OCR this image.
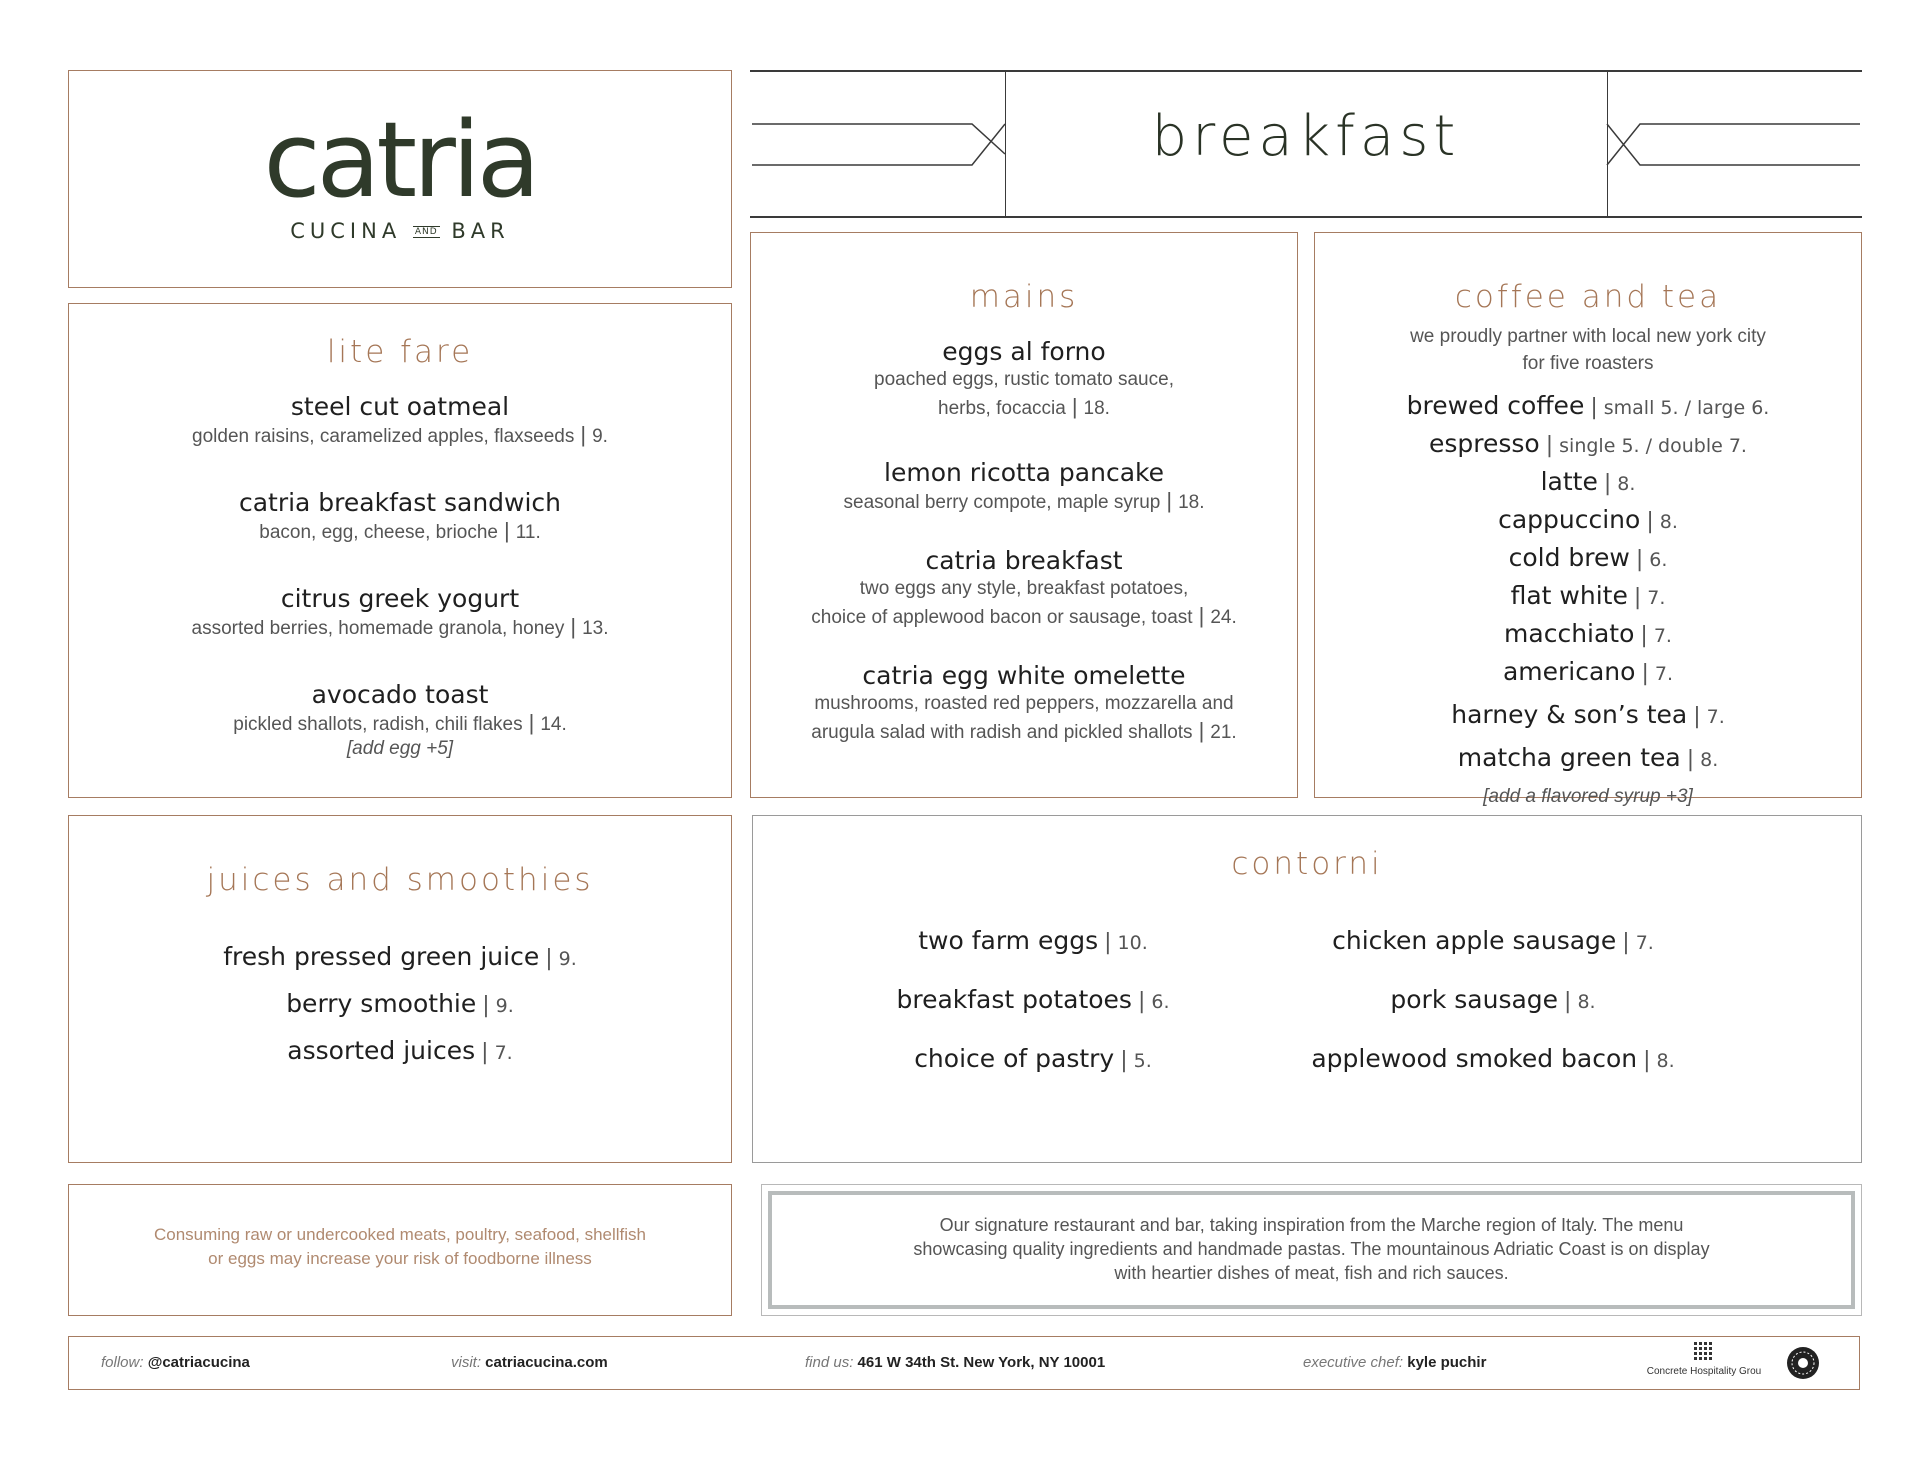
catria
CUCINA AND BAR
breakfast
lite fare
steel cut oatmeal
golden raisins, caramelized apples, flaxseeds | 9.
catria breakfast sandwich
bacon, egg, cheese, brioche | 11.
citrus greek yogurt
assorted berries, homemade granola, honey | 13.
avocado toast
pickled shallots, radish, chili flakes | 14.
[add egg +5]
mains
eggs al forno
poached eggs, rustic tomato sauce,
herbs, focaccia | 18.
lemon ricotta pancake
seasonal berry compote, maple syrup | 18.
catria breakfast
two eggs any style, breakfast potatoes,
choice of applewood bacon or sausage, toast | 24.
catria egg white omelette
mushrooms, roasted red peppers, mozzarella and
arugula salad with radish and pickled shallots | 21.
coffee and tea
we proudly partner with local new york city
for five roasters
brewed coffee | small 5. / large 6.
espresso | single 5. / double 7.
latte | 8.
cappuccino | 8.
cold brew | 6.
flat white | 7.
macchiato | 7.
americano | 7.
harney & son’s tea | 7.
matcha green tea | 8.
[add a flavored syrup +3]
juices and smoothies
fresh pressed green juice | 9.
berry smoothie | 9.
assorted juices | 7.
contorni
two farm eggs | 10.
breakfast potatoes | 6.
choice of pastry | 5.
chicken apple sausage | 7.
pork sausage | 8.
applewood smoked bacon | 8.
Consuming raw or undercooked meats, poultry, seafood, shellfish
or eggs may increase your risk of foodborne illness
Our signature restaurant and bar, taking inspiration from the Marche region of Italy. The menu
showcasing quality ingredients and handmade pastas. The mountainous Adriatic Coast is on display
with heartier dishes of meat, fish and rich sauces.
follow: @catriacucina	visit: catriacucina.com	find us: 461 W 34th St. New York, NY 10001	executive chef: kyle puchir
Concrete Hospitality Grou
